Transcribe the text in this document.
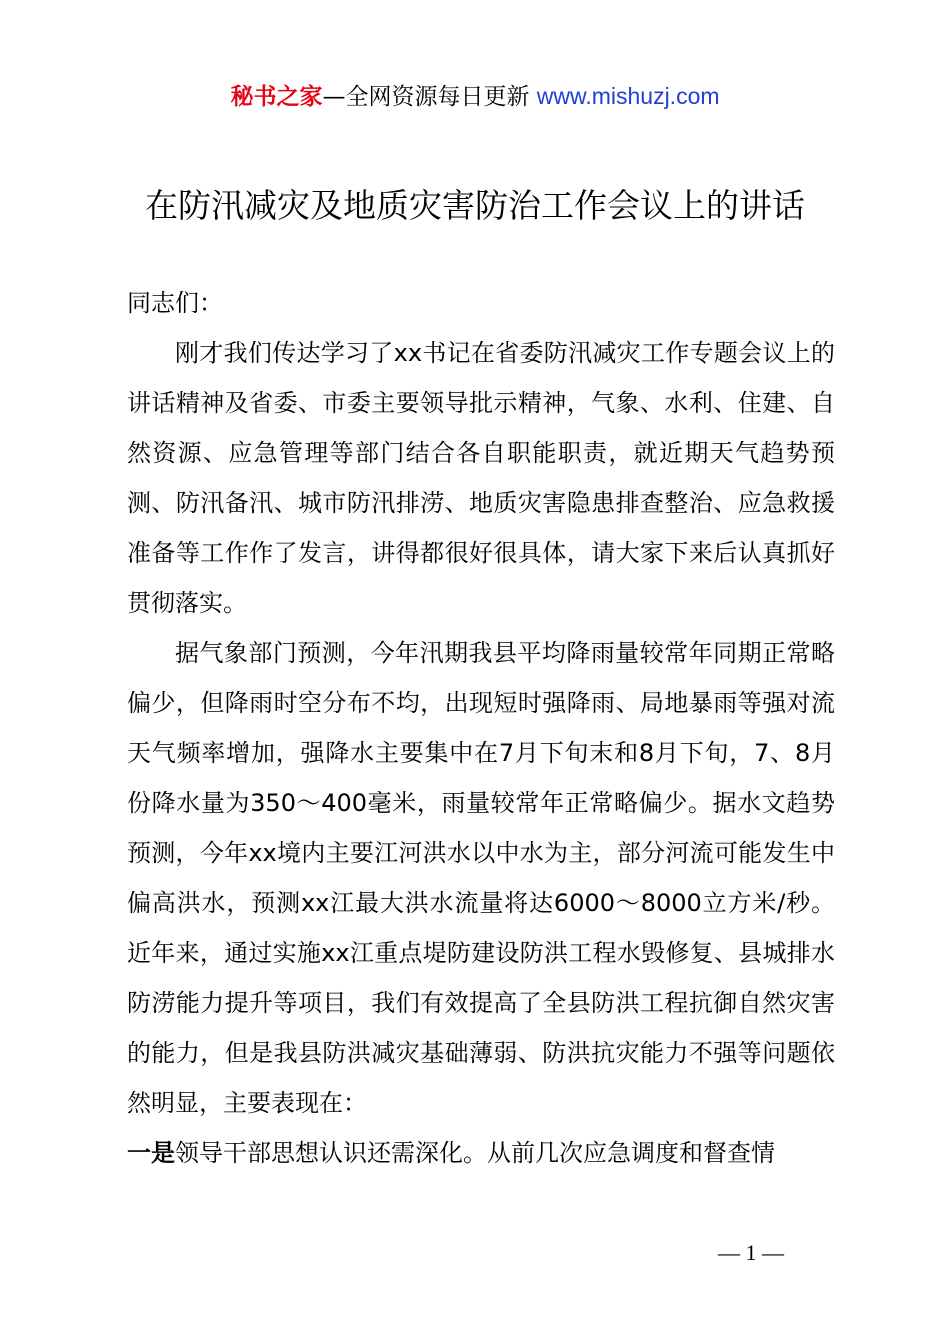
秘书之家—全网资源每日更新 www.mishuzj.com
在防汛减灾及地质灾害防治工作会议上的讲话

同志们：

刚才我们传达学习了xx书记在省委防汛减灾工作专题会议上的讲话精神及省委、市委主要领导批示精神，气象、水利、住建、自然资源、应急管理等部门结合各自职能职责，就近期天气趋势预测、防汛备汛、城市防汛排涝、地质灾害隐患排查整治、应急救援准备等工作作了发言，讲得都很好很具体，请大家下来后认真抓好贯彻落实。

据气象部门预测，今年汛期我县平均降雨量较常年同期正常略偏少，但降雨时空分布不均，出现短时强降雨、局地暴雨等强对流天气频率增加，强降水主要集中在7月下旬末和8月下旬，7、8月份降水量为350～400毫米，雨量较常年正常略偏少。据水文趋势预测，今年xx境内主要江河洪水以中水为主，部分河流可能发生中偏高洪水，预测xx江最大洪水流量将达6000～8000立方米/秒。近年来，通过实施xx江重点堤防建设防洪工程水毁修复、县城排水防涝能力提升等项目，我们有效提高了全县防洪工程抗御自然灾害的能力，但是我县防洪减灾基础薄弱、防洪抗灾能力不强等问题依然明显，主要表现在：

一是领导干部思想认识还需深化。从前几次应急调度和督查情

— 1 —
